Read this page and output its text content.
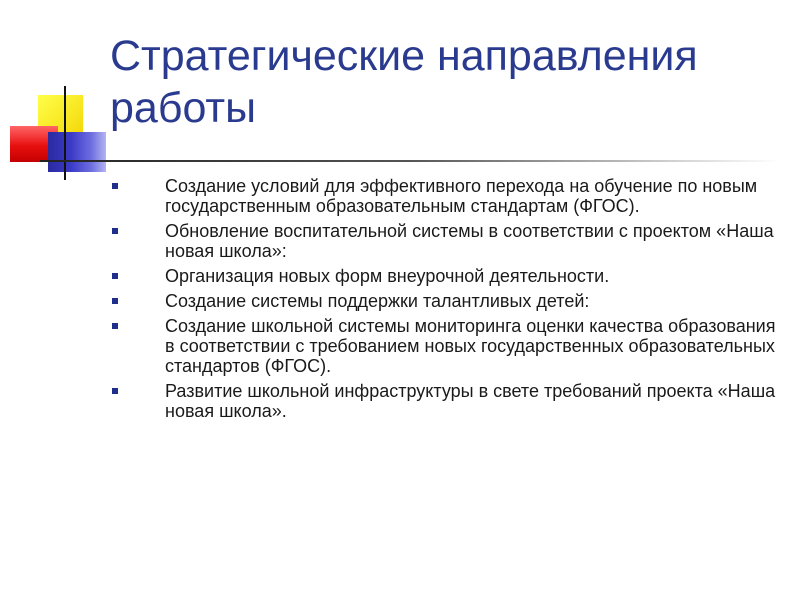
Стратегические направления работы
Создание условий для эффективного перехода на обучение по новым государственным образовательным стандартам (ФГОС).
Обновление воспитательной системы в соответствии с проектом «Наша новая школа»:
Организация новых форм внеурочной деятельности.
Создание системы поддержки талантливых детей:
Создание школьной системы мониторинга оценки качества образования в соответствии с требованием новых государственных образовательных стандартов (ФГОС).
Развитие школьной инфраструктуры в свете требований проекта «Наша новая школа».
